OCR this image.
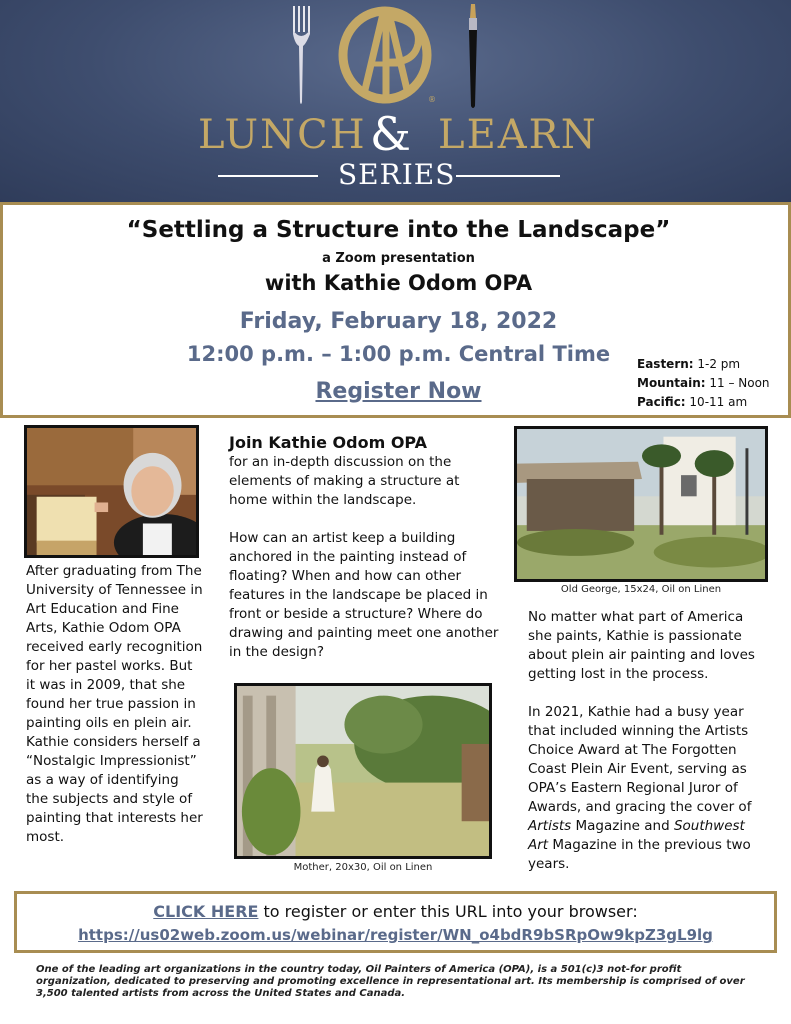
®
LUNCH & LEARN
SERIES
“Settling a Structure into the Landscape”
a Zoom presentation
with Kathie Odom OPA
Friday, February 18, 2022
12:00 p.m. – 1:00 p.m. Central Time
Register Now
Eastern: 1-2 pm
Mountain: 11 – Noon
Pacific: 10-11 am
After graduating from The University of Tennessee in Art Education and Fine Arts, Kathie Odom OPA received early recognition for her pastel works. But it was in 2009, that she found her true passion in painting oils en plein air. Kathie considers herself a “Nostalgic Impressionist” as a way of identifying the subjects and style of painting that interests her most.
Join Kathie Odom OPA
for an in-depth discussion on the elements of making a structure at home within the landscape.
How can an artist keep a building anchored in the painting instead of floating? When and how can other features in the landscape be placed in front or beside a structure? Where do drawing and painting meet one another in the design?
Mother, 20x30, Oil on Linen
Old George, 15x24, Oil on Linen
No matter what part of America she paints, Kathie is passionate about plein air painting and loves getting lost in the process.
In 2021, Kathie had a busy year that included winning the Artists Choice Award at The Forgotten Coast Plein Air Event, serving as OPA’s Eastern Regional Juror of Awards, and gracing the cover of Artists Magazine and Southwest Art Magazine in the previous two years.
CLICK HERE to register or enter this URL into your browser:
https://us02web.zoom.us/webinar/register/WN_o4bdR9bSRpOw9kpZ3gL9lg
One of the leading art organizations in the country today, Oil Painters of America (OPA), is a 501(c)3 not-for profit organization, dedicated to preserving and promoting excellence in representational art. Its membership is comprised of over 3,500 talented artists from across the United States and Canada.
